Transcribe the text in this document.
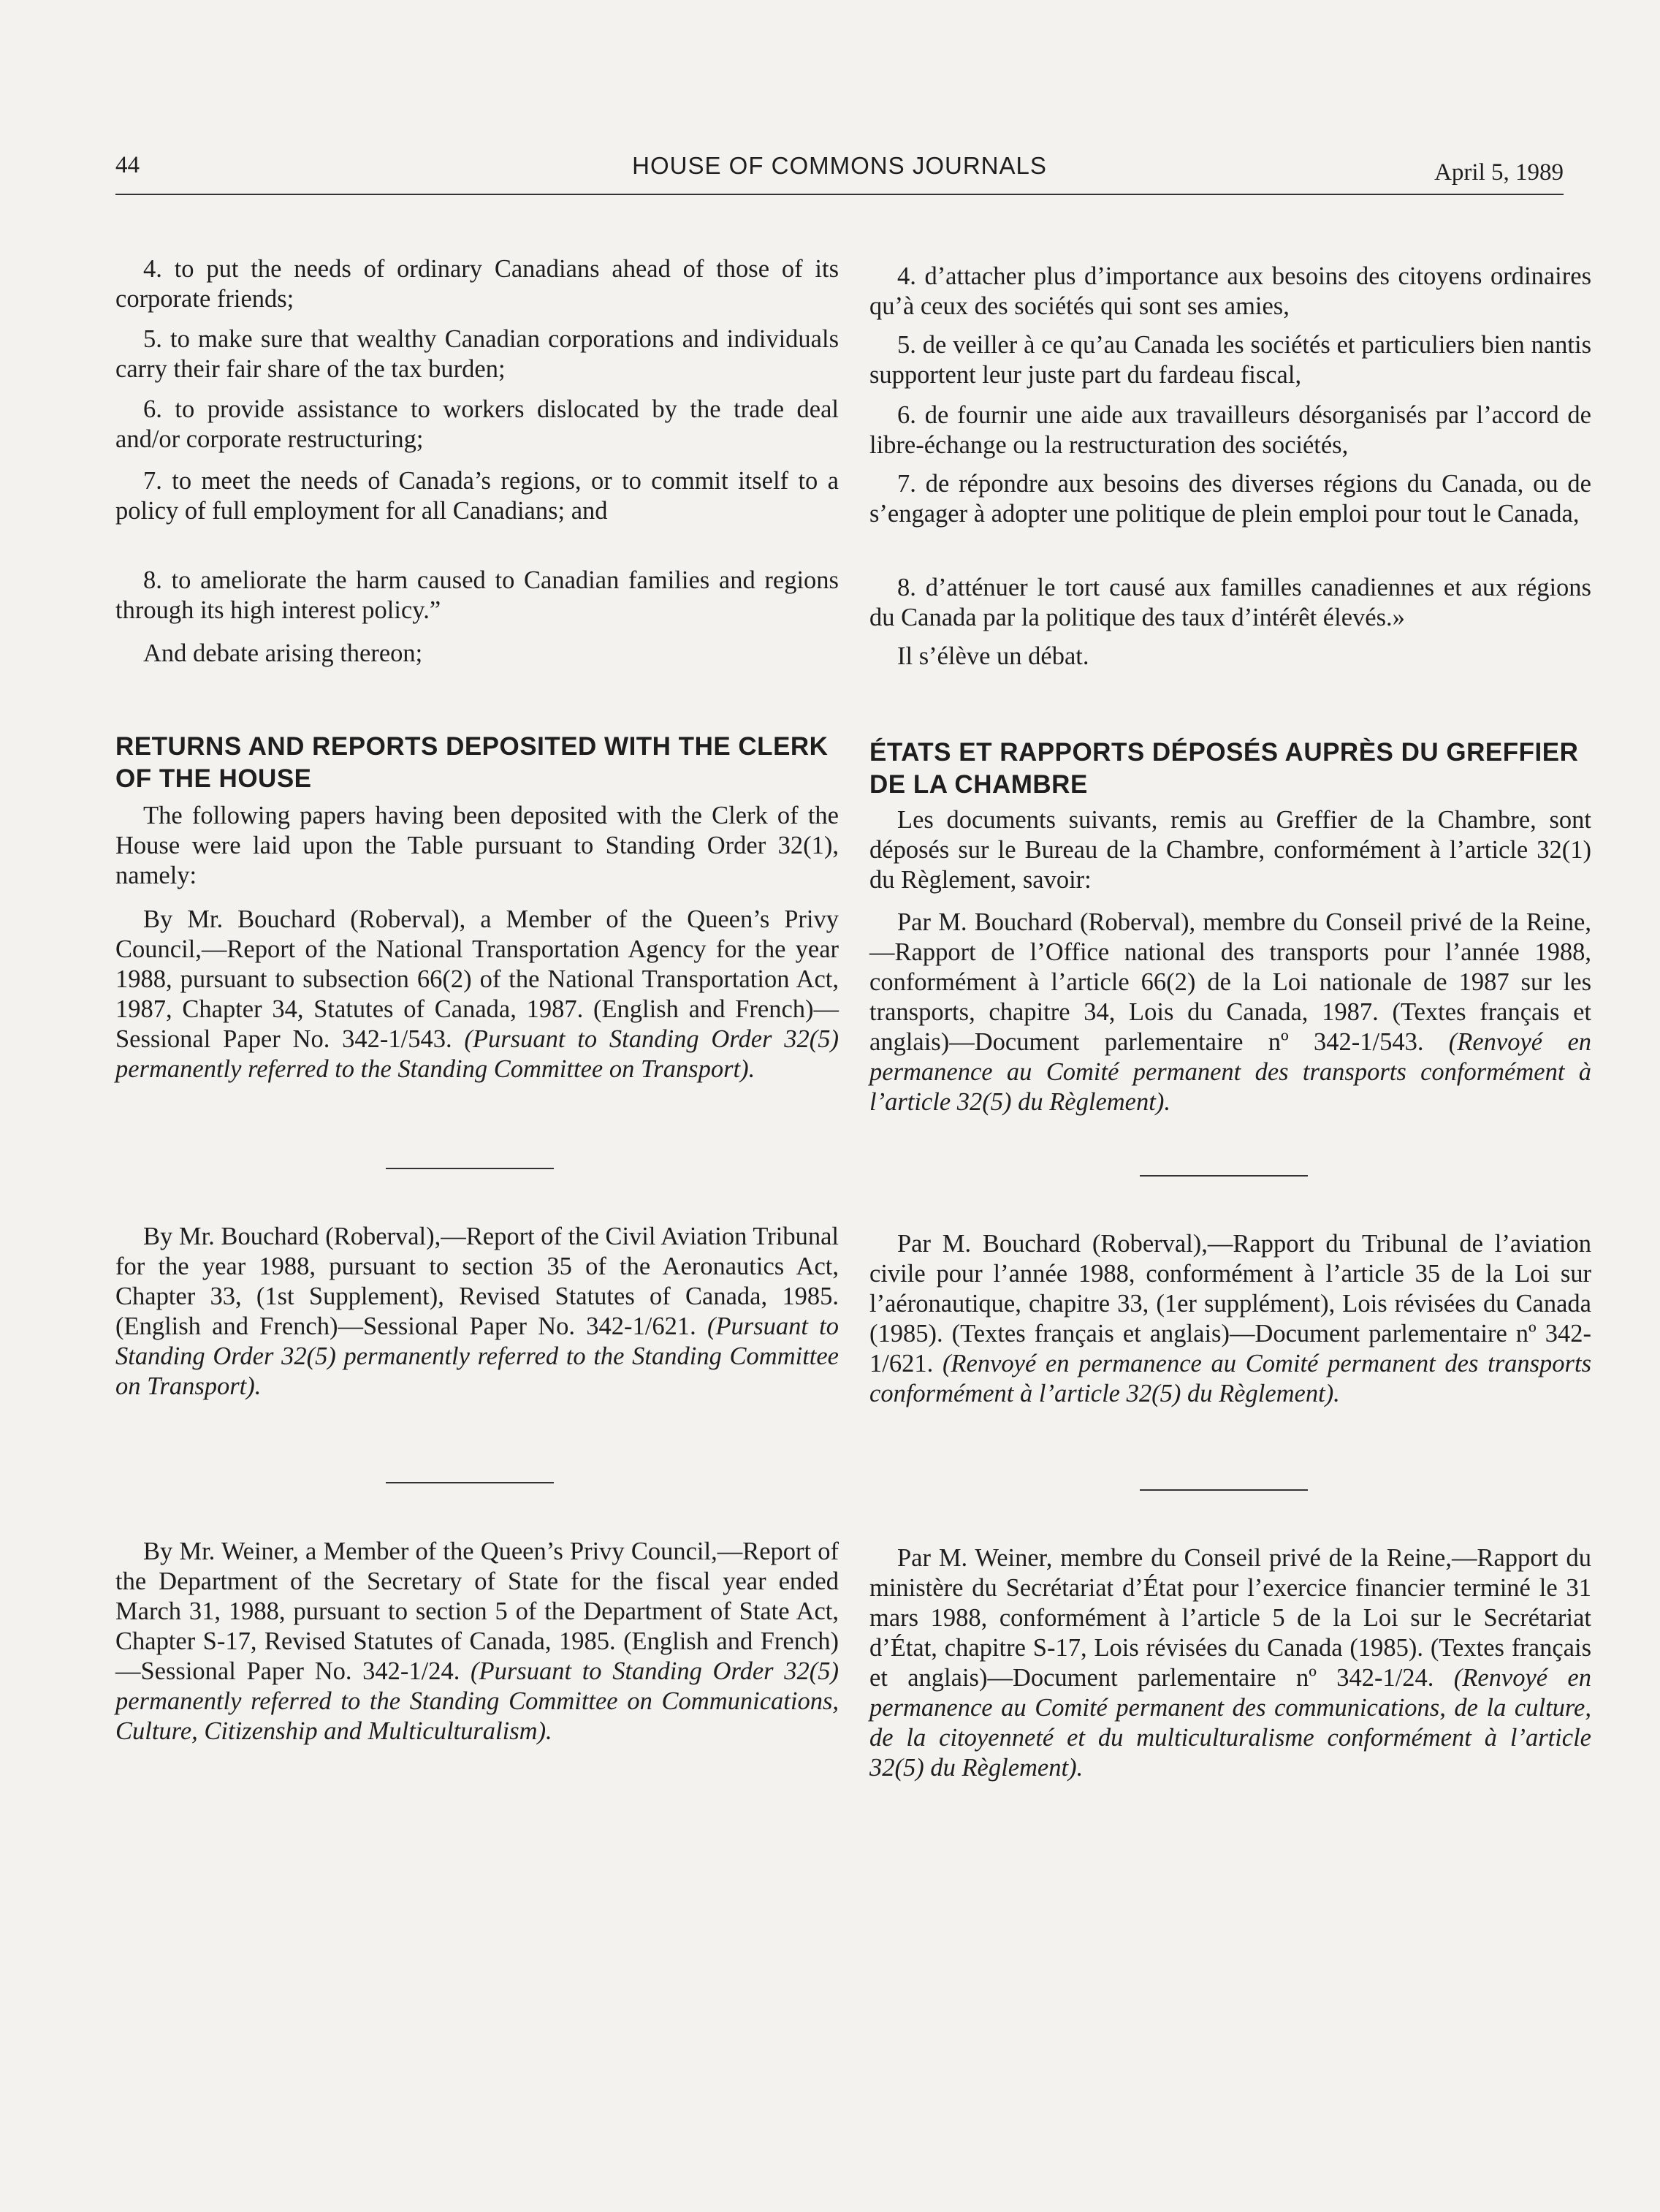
44	HOUSE OF COMMONS JOURNALS	April 5, 1989

4. to put the needs of ordinary Canadians ahead of those of its corporate friends;

5. to make sure that wealthy Canadian corporations and individuals carry their fair share of the tax burden;

6. to provide assistance to workers dislocated by the trade deal and/or corporate restructuring;

7. to meet the needs of Canada’s regions, or to commit itself to a policy of full employment for all Canadians; and

8. to ameliorate the harm caused to Canadian families and regions through its high interest policy.”

And debate arising thereon;

RETURNS AND REPORTS DEPOSITED WITH THE CLERK OF THE HOUSE

The following papers having been deposited with the Clerk of the House were laid upon the Table pursuant to Standing Order 32(1), namely:

By Mr. Bouchard (Roberval), a Member of the Queen’s Privy Council,—Report of the National Transportation Agency for the year 1988, pursuant to subsection 66(2) of the National Transportation Act, 1987, Chapter 34, Statutes of Canada, 1987. (English and French)—Sessional Paper No. 342-1/543. (Pursuant to Standing Order 32(5) permanently referred to the Standing Committee on Transport).

By Mr. Bouchard (Roberval),—Report of the Civil Aviation Tribunal for the year 1988, pursuant to section 35 of the Aeronautics Act, Chapter 33, (1st Supplement), Revised Statutes of Canada, 1985. (English and French)—Sessional Paper No. 342-1/621. (Pursuant to Standing Order 32(5) permanently referred to the Standing Committee on Transport).

By Mr. Weiner, a Member of the Queen’s Privy Council,—Report of the Department of the Secretary of State for the fiscal year ended March 31, 1988, pursuant to section 5 of the Department of State Act, Chapter S-17, Revised Statutes of Canada, 1985. (English and French)—Sessional Paper No. 342-1/24. (Pursuant to Standing Order 32(5) permanently referred to the Standing Committee on Communications, Culture, Citizenship and Multiculturalism).

4. d’attacher plus d’importance aux besoins des citoyens ordinaires qu’à ceux des sociétés qui sont ses amies,

5. de veiller à ce qu’au Canada les sociétés et particuliers bien nantis supportent leur juste part du fardeau fiscal,

6. de fournir une aide aux travailleurs désorganisés par l’accord de libre-échange ou la restructuration des sociétés,

7. de répondre aux besoins des diverses régions du Canada, ou de s’engager à adopter une politique de plein emploi pour tout le Canada,

8. d’atténuer le tort causé aux familles canadiennes et aux régions du Canada par la politique des taux d’intérêt élevés.»

Il s’élève un débat.

ÉTATS ET RAPPORTS DÉPOSÉS AUPRÈS DU GREFFIER DE LA CHAMBRE

Les documents suivants, remis au Greffier de la Chambre, sont déposés sur le Bureau de la Chambre, conformément à l’article 32(1) du Règlement, savoir:

Par M. Bouchard (Roberval), membre du Conseil privé de la Reine,—Rapport de l’Office national des transports pour l’année 1988, conformément à l’article 66(2) de la Loi nationale de 1987 sur les transports, chapitre 34, Lois du Canada, 1987. (Textes français et anglais)—Document parlementaire nº 342-1/543. (Renvoyé en permanence au Comité permanent des transports conformément à l’article 32(5) du Règlement).

Par M. Bouchard (Roberval),—Rapport du Tribunal de l’aviation civile pour l’année 1988, conformément à l’article 35 de la Loi sur l’aéronautique, chapitre 33, (1er supplément), Lois révisées du Canada (1985). (Textes français et anglais)—Document parlementaire nº 342-1/621. (Renvoyé en permanence au Comité permanent des transports conformément à l’article 32(5) du Règlement).

Par M. Weiner, membre du Conseil privé de la Reine,—Rapport du ministère du Secrétariat d’État pour l’exercice financier terminé le 31 mars 1988, conformément à l’article 5 de la Loi sur le Secrétariat d’État, chapitre S-17, Lois révisées du Canada (1985). (Textes français et anglais)—Document parlementaire nº 342-1/24. (Renvoyé en permanence au Comité permanent des communications, de la culture, de la citoyenneté et du multiculturalisme conformément à l’article 32(5) du Règlement).
